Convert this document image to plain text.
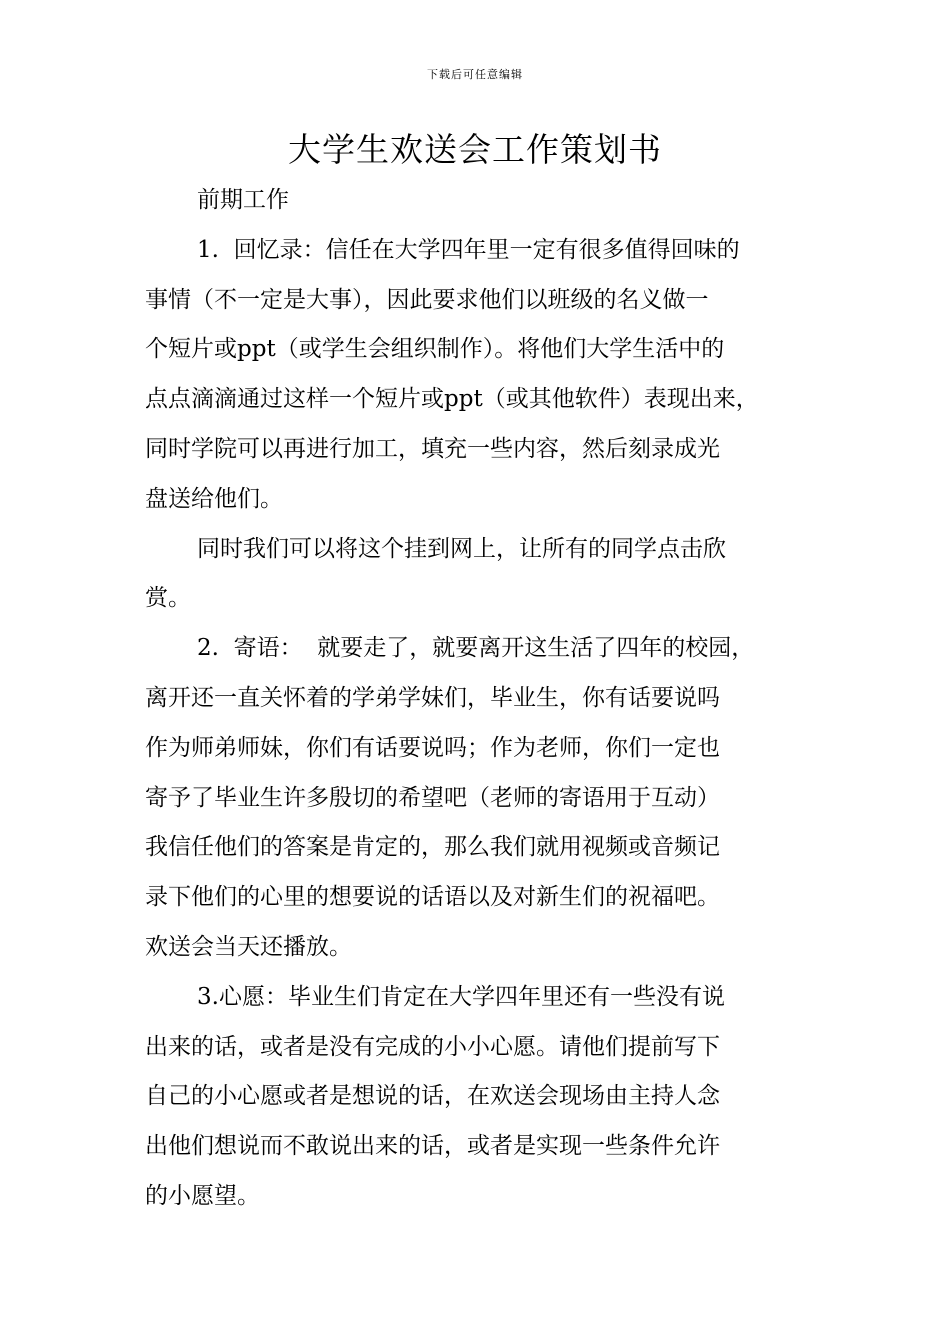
下载后可任意编辑
大学生欢送会工作策划书
前期工作
1.  回忆录：信任在大学四年里一定有很多值得回味的
事情（不一定是大事），因此要求他们以班级的名义做一
个短片或ppt（或学生会组织制作）。将他们大学生活中的
点点滴滴通过这样一个短片或ppt（或其他软件）表现出来，
同时学院可以再进行加工，填充一些内容，然后刻录成光
盘送给他们。
同时我们可以将这个挂到网上，让所有的同学点击欣
赏。
2.  寄语：  就要走了，就要离开这生活了四年的校园，
离开还一直关怀着的学弟学妹们，毕业生，你有话要说吗
作为师弟师妹，你们有话要说吗；作为老师，你们一定也
寄予了毕业生许多殷切的希望吧（老师的寄语用于互动）
我信任他们的答案是肯定的，那么我们就用视频或音频记
录下他们的心里的想要说的话语以及对新生们的祝福吧。
欢送会当天还播放。
3.心愿：毕业生们肯定在大学四年里还有一些没有说
出来的话，或者是没有完成的小小心愿。请他们提前写下
自己的小心愿或者是想说的话，在欢送会现场由主持人念
出他们想说而不敢说出来的话，或者是实现一些条件允许
的小愿望。
